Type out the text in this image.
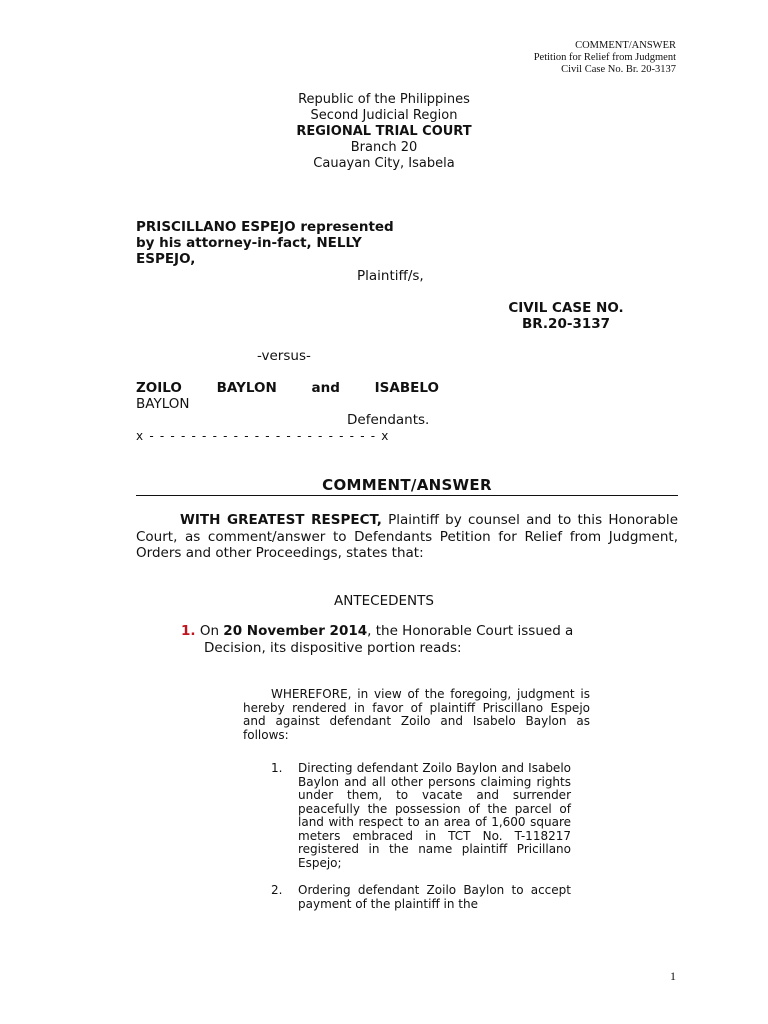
COMMENT/ANSWER
Petition for Relief from Judgment
Civil Case No. Br. 20-3137
Republic of the Philippines
Second Judicial Region
REGIONAL TRIAL COURT
Branch 20
Cauayan City, Isabela
PRISCILLANO ESPEJO represented
by his attorney-in-fact, NELLY
ESPEJO,
Plaintiff/s,
CIVIL CASE NO.
BR.20-3137
-versus-
ZOILO	BAYLON	and	ISABELO
BAYLON
Defendants.
x - - - - - - - - - - - - - - - - - - - - - - x
COMMENT/ANSWER
WITH GREATEST RESPECT, Plaintiff by counsel and to this Honorable Court, as comment/answer to Defendants Petition for Relief from Judgment, Orders and other Proceedings, states that:
ANTECEDENTS
1. On 20 November 2014, the Honorable Court issued a
Decision, its dispositive portion reads:
WHEREFORE, in view of the foregoing, judgment is hereby rendered in favor of plaintiff Priscillano Espejo and against defendant Zoilo and Isabelo Baylon as follows:
1.	Directing defendant Zoilo Baylon and Isabelo Baylon and all other persons claiming rights under them, to vacate and surrender peacefully the possession of the parcel of land with respect to an area of 1,600 square meters embraced in TCT No. T-118217 registered in the name plaintiff Pricillano Espejo;
2.	Ordering defendant Zoilo Baylon to accept payment of the plaintiff in the
1
